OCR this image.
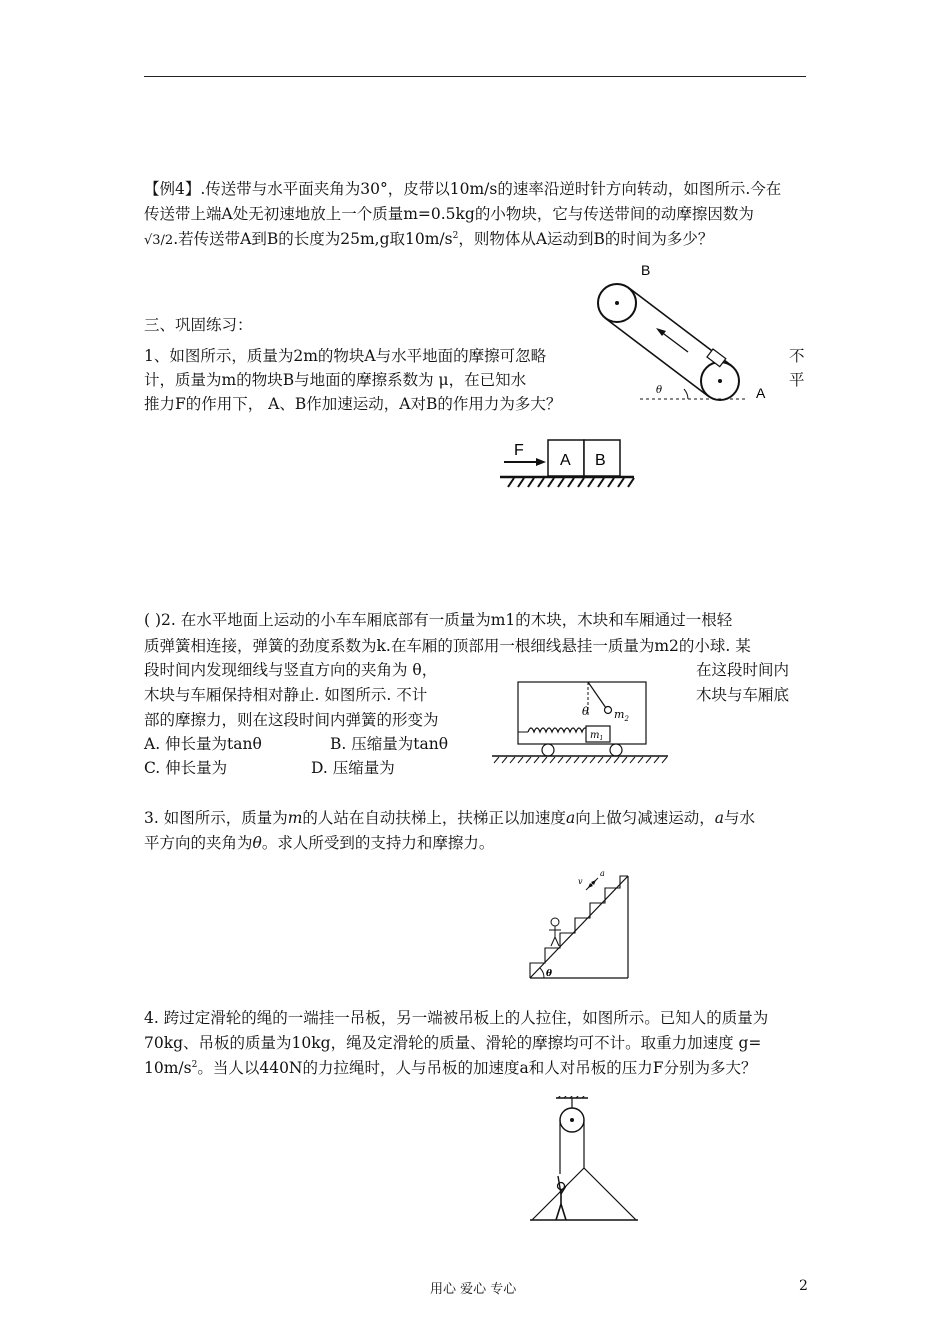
【例4】.传送带与水平面夹角为30°，皮带以10m/s的速率沿逆时针方向转动，如图所示.今在
传送带上端A处无初速地放上一个质量m=0.5kg的小物块，它与传送带间的动摩擦因数为
√3/2.若传送带A到B的长度为25m,g取$10m/s^2$，则物体从A运动到B的时间为多少？
B
θ	A
三、巩固练习：
1、如图所示，质量为2m的物块A与水平地面的摩擦可忽略	不
计，质量为m的物块B与地面的摩擦系数为 μ，在已知水	平
推力F的作用下， A、B作加速运动，A对B的作用力为多大？
F
A B
( )2. 在水平地面上运动的小车车厢底部有一质量为m1的木块，木块和车厢通过一根轻
质弹簧相连接，弹簧的劲度系数为k.在车厢的顶部用一根细线悬挂一质量为m2的小球. 某
段时间内发现细线与竖直方向的夹角为 θ，	在这段时间内
木块与车厢保持相对静止. 如图所示. 不计	木块与车厢底
部的摩擦力，则在这段时间内弹簧的形变为
A. 伸长量为tanθ	B. 压缩量为tanθ
C. 伸长量为	D. 压缩量为
θ $m_2$
$m_1$
3. 如图所示，质量为m的人站在自动扶梯上，扶梯正以加速度a向上做匀减速运动，a与水
平方向的夹角为θ。求人所受到的支持力和摩擦力。
θ
v
a
4. 跨过定滑轮的绳的一端挂一吊板，另一端被吊板上的人拉住，如图所示。已知人的质量为
70kg、吊板的质量为10kg，绳及定滑轮的质量、滑轮的摩擦均可不计。取重力加速度 g=
$10m/s^2$。当人以440N的力拉绳时，人与吊板的加速度a和人对吊板的压力F分别为多大？
用心 爱心 专心	2
